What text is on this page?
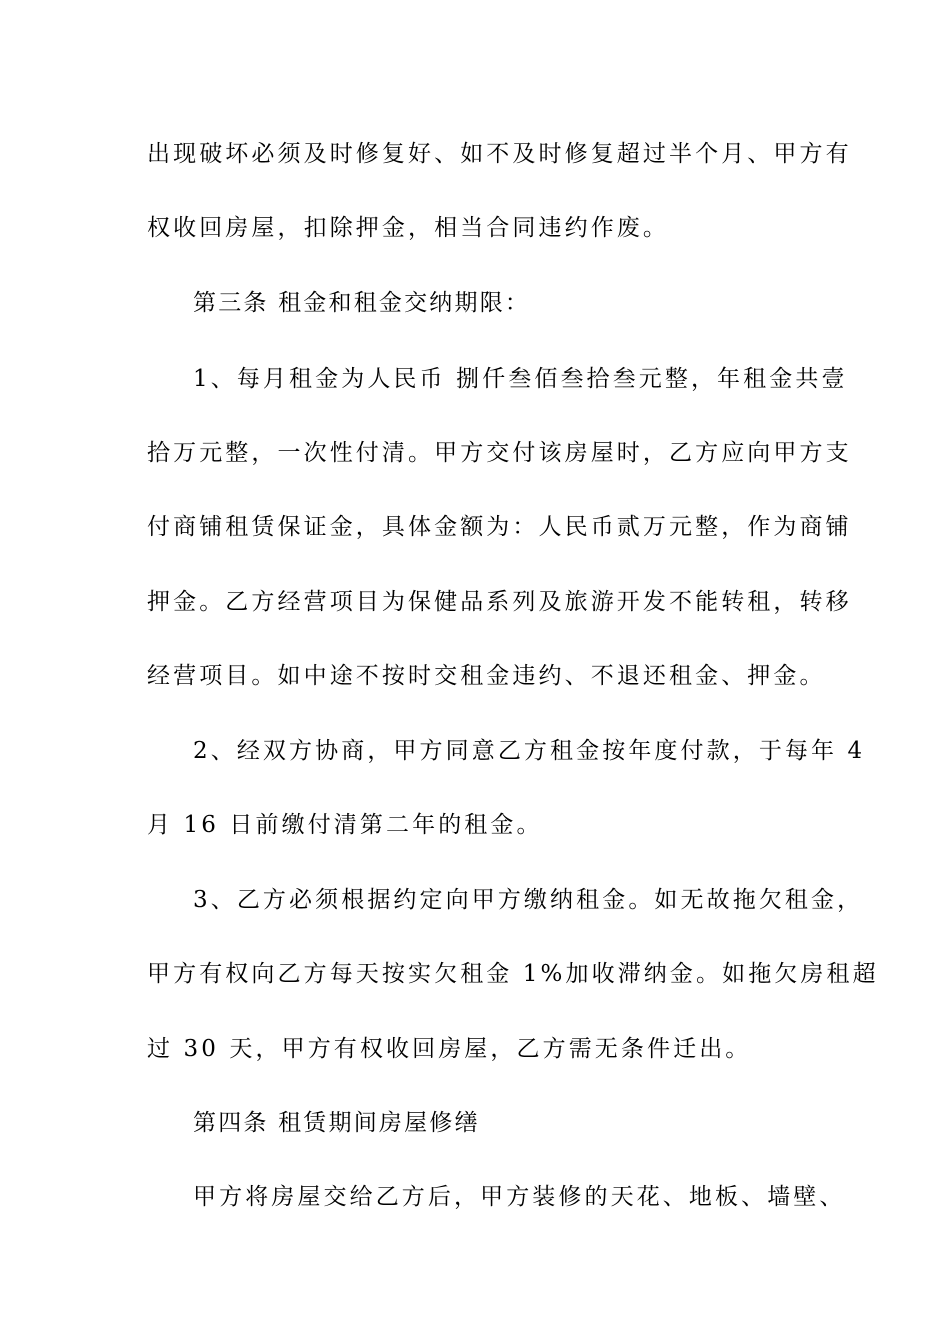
出现破坏必须及时修复好、如不及时修复超过半个月、甲方有
权收回房屋，扣除押金，相当合同违约作废。
第三条 租金和租金交纳期限：
1、每月租金为人民币 捌仟叁佰叁拾叁元整，年租金共壹
拾万元整，一次性付清。甲方交付该房屋时，乙方应向甲方支
付商铺租赁保证金，具体金额为：人民币贰万元整，作为商铺
押金。乙方经营项目为保健品系列及旅游开发不能转租，转移
经营项目。如中途不按时交租金违约、不退还租金、押金。
2、经双方协商，甲方同意乙方租金按年度付款，于每年 4
月 16 日前缴付清第二年的租金。
3、乙方必须根据约定向甲方缴纳租金。如无故拖欠租金，
甲方有权向乙方每天按实欠租金 1%加收滞纳金。如拖欠房租超
过 30 天，甲方有权收回房屋，乙方需无条件迁出。
第四条 租赁期间房屋修缮
甲方将房屋交给乙方后，甲方装修的天花、地板、墙壁、
